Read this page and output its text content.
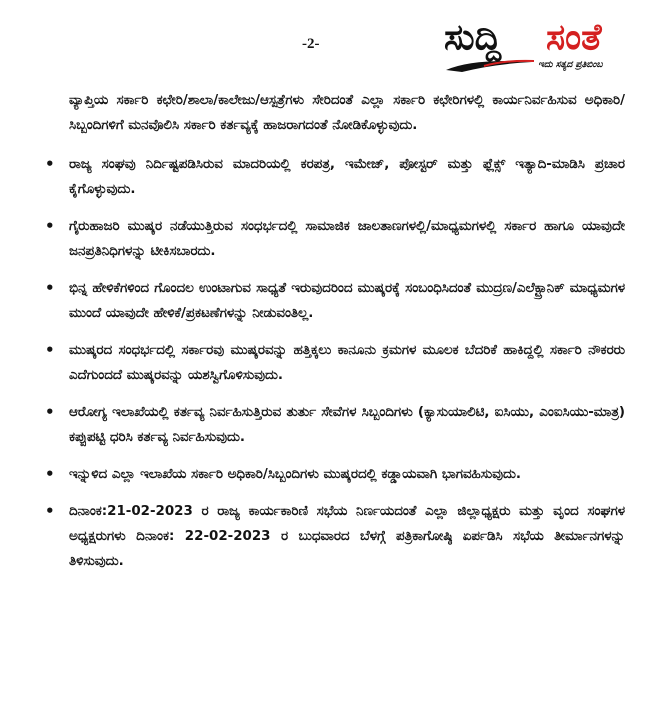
-2-	ಸುದ್ದಿ ಸಂತೆ
ಇದು ಸತ್ಯದ ಪ್ರತಿಬಿಂಬ

ವ್ಯಾಪ್ತಿಯ ಸರ್ಕಾರಿ ಕಛೇರಿ/ಶಾಲಾ/ಕಾಲೇಜು/ಆಸ್ಪತ್ರೆಗಳು ಸೇರಿದಂತೆ ಎಲ್ಲಾ ಸರ್ಕಾರಿ ಕಛೇರಿಗಳಲ್ಲಿ ಕಾರ್ಯನಿರ್ವಹಿಸುವ ಅಧಿಕಾರಿ/ಸಿಬ್ಬಂದಿಗಳಿಗೆ ಮನವೊಲಿಸಿ ಸರ್ಕಾರಿ ಕರ್ತವ್ಯಕ್ಕೆ ಹಾಜರಾಗದಂತೆ ನೋಡಿಕೊಳ್ಳುವುದು.

• ರಾಜ್ಯ ಸಂಘವು ನಿರ್ದಿಷ್ಟಪಡಿಸಿರುವ ಮಾದರಿಯಲ್ಲಿ ಕರಪತ್ರ, ಇಮೇಜ್, ಪೋಸ್ಟರ್ ಮತ್ತು ಫ್ಲೆಕ್ಸ್ ಇತ್ಯಾದಿ-ಮಾಡಿಸಿ ಪ್ರಚಾರ ಕೈಗೊಳ್ಳುವುದು.
• ಗೈರುಹಾಜರಿ ಮುಷ್ಕರ ನಡೆಯುತ್ತಿರುವ ಸಂಧರ್ಭದಲ್ಲಿ ಸಾಮಾಜಿಕ ಜಾಲತಾಣಗಳಲ್ಲಿ/ಮಾಧ್ಯಮಗಳಲ್ಲಿ ಸರ್ಕಾರ ಹಾಗೂ ಯಾವುದೇ ಜನಪ್ರತಿನಿಧಿಗಳನ್ನು ಟೀಕಿಸಬಾರದು.
• ಭಿನ್ನ ಹೇಳಿಕೆಗಳಿಂದ ಗೊಂದಲ ಉಂಟಾಗುವ ಸಾಧ್ಯತೆ ಇರುವುದರಿಂದ ಮುಷ್ಕರಕ್ಕೆ ಸಂಬಂಧಿಸಿದಂತೆ ಮುದ್ರಣ/ಎಲೆಕ್ಟ್ರಾನಿಕ್ ಮಾಧ್ಯಮಗಳ ಮುಂದೆ ಯಾವುದೇ ಹೇಳಿಕೆ/ಪ್ರಕಟಣೆಗಳನ್ನು ನೀಡುವಂತಿಲ್ಲ.
• ಮುಷ್ಕರದ ಸಂಧರ್ಭದಲ್ಲಿ ಸರ್ಕಾರವು ಮುಷ್ಕರವನ್ನು ಹತ್ತಿಕ್ಕಲು ಕಾನೂನು ಕ್ರಮಗಳ ಮೂಲಕ ಬೆದರಿಕೆ ಹಾಕಿದ್ದಲ್ಲಿ ಸರ್ಕಾರಿ ನೌಕರರು ಎದೆಗುಂದದೆ ಮುಷ್ಕರವನ್ನು ಯಶಸ್ವಿಗೊಳಿಸುವುದು.
• ಆರೋಗ್ಯ ಇಲಾಖೆಯಲ್ಲಿ ಕರ್ತವ್ಯ ನಿರ್ವಹಿಸುತ್ತಿರುವ ತುರ್ತು ಸೇವೆಗಳ ಸಿಬ್ಬಂದಿಗಳು (ಕ್ಯಾಸುಯಾಲಿಟಿ, ಐಸಿಯು, ಎಂಐಸಿಯು-ಮಾತ್ರ) ಕಪ್ಪುಪಟ್ಟಿ ಧರಿಸಿ ಕರ್ತವ್ಯ ನಿರ್ವಹಿಸುವುದು.
• ಇನ್ನುಳಿದ ಎಲ್ಲಾ ಇಲಾಖೆಯ ಸರ್ಕಾರಿ ಅಧಿಕಾರಿ/ಸಿಬ್ಬಂದಿಗಳು ಮುಷ್ಕರದಲ್ಲಿ ಕಡ್ಡಾಯವಾಗಿ ಭಾಗವಹಿಸುವುದು.
• ದಿನಾಂಕ:21-02-2023 ರ ರಾಜ್ಯ ಕಾರ್ಯಕಾರಿಣಿ ಸಭೆಯ ನಿರ್ಣಯದಂತೆ ಎಲ್ಲಾ ಜಿಲ್ಲಾಧ್ಯಕ್ಷರು ಮತ್ತು ವೃಂದ ಸಂಘಗಳ ಅಧ್ಯಕ್ಷರುಗಳು ದಿನಾಂಕ: 22-02-2023 ರ ಬುಧವಾರದ ಬೆಳಗ್ಗೆ ಪತ್ರಿಕಾಗೋಷ್ಠಿ ಏರ್ಪಡಿಸಿ ಸಭೆಯ ತೀರ್ಮಾನಗಳನ್ನು ತಿಳಿಸುವುದು.
